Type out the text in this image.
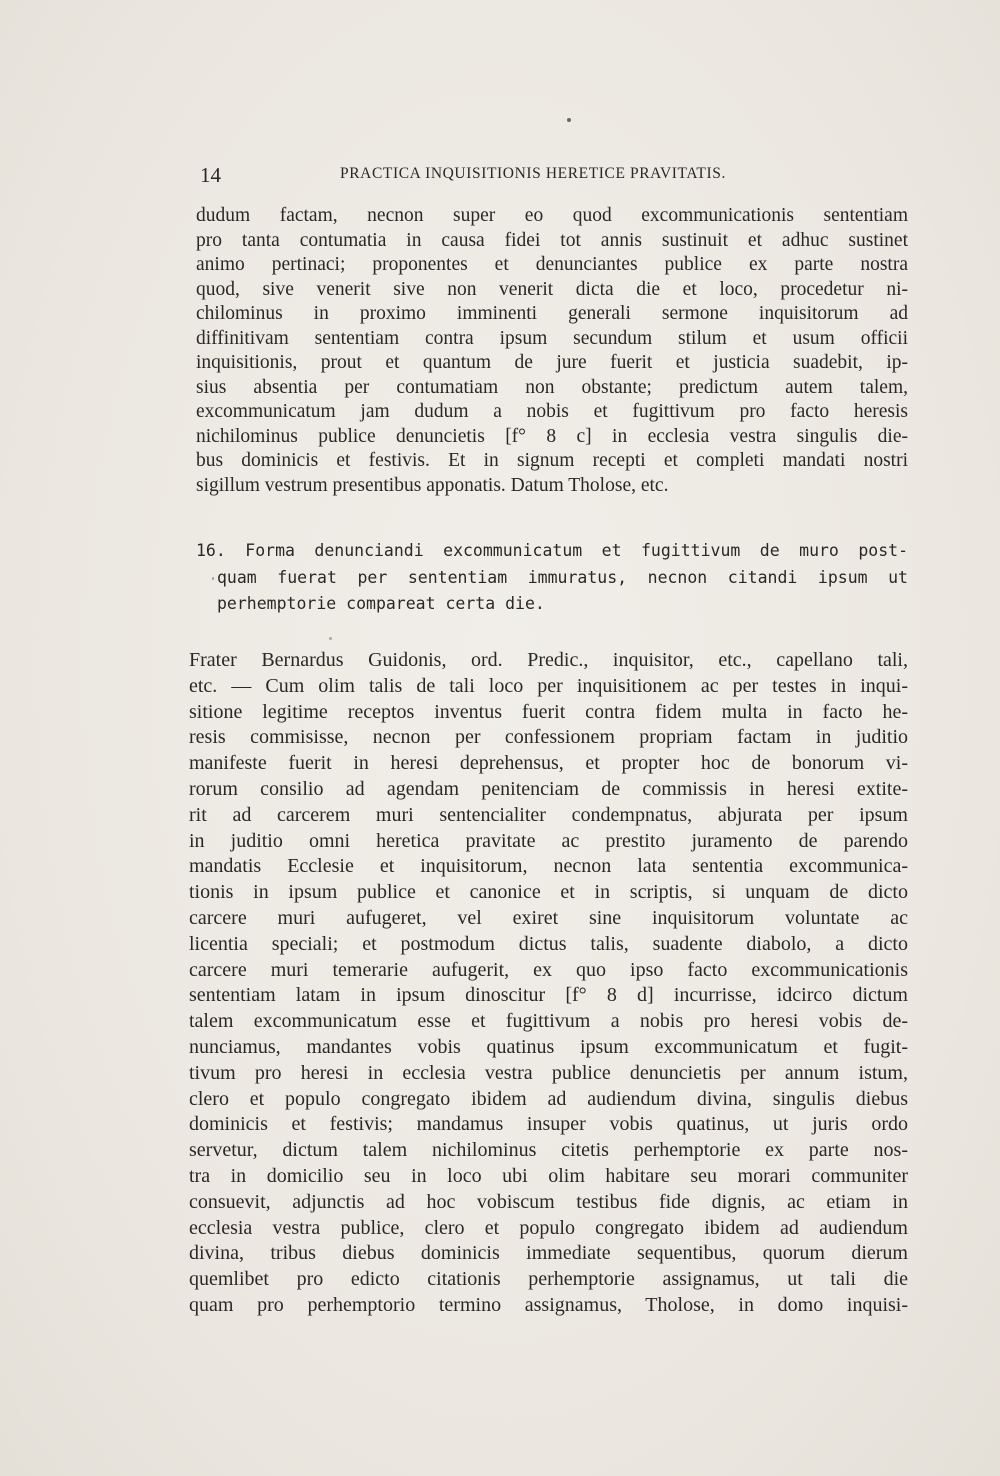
14	PRACTICA INQUISITIONIS HERETICE PRAVITATIS.
dudum factam, necnon super eo quod excommunicationis sententiam
pro tanta contumatia in causa fidei tot annis sustinuit et adhuc sustinet
animo pertinaci; proponentes et denunciantes publice ex parte nostra
quod, sive venerit sive non venerit dicta die et loco, procedetur ni-
chilominus in proximo imminenti generali sermone inquisitorum ad
diffinitivam sententiam contra ipsum secundum stilum et usum officii
inquisitionis, prout et quantum de jure fuerit et justicia suadebit, ip-
sius absentia per contumatiam non obstante; predictum autem talem,
excommunicatum jam dudum a nobis et fugittivum pro facto heresis
nichilominus publice denuncietis [f° 8 c] in ecclesia vestra singulis die-
bus dominicis et festivis. Et in signum recepti et completi mandati nostri
sigillum vestrum presentibus apponatis. Datum Tholose, etc.
16. Forma denunciandi excommunicatum et fugittivum de muro post-
quam fuerat per sententiam immuratus, necnon citandi ipsum ut
perhemptorie compareat certa die.
Frater Bernardus Guidonis, ord. Predic., inquisitor, etc., capellano tali,
etc. — Cum olim talis de tali loco per inquisitionem ac per testes in inqui-
sitione legitime receptos inventus fuerit contra fidem multa in facto he-
resis commisisse, necnon per confessionem propriam factam in juditio
manifeste fuerit in heresi deprehensus, et propter hoc de bonorum vi-
rorum consilio ad agendam penitenciam de commissis in heresi extite-
rit ad carcerem muri sentencialiter condempnatus, abjurata per ipsum
in juditio omni heretica pravitate ac prestito juramento de parendo
mandatis Ecclesie et inquisitorum, necnon lata sententia excommunica-
tionis in ipsum publice et canonice et in scriptis, si unquam de dicto
carcere muri aufugeret, vel exiret sine inquisitorum voluntate ac
licentia speciali; et postmodum dictus talis, suadente diabolo, a dicto
carcere muri temerarie aufugerit, ex quo ipso facto excommunicationis
sententiam latam in ipsum dinoscitur [f° 8 d] incurrisse, idcirco dictum
talem excommunicatum esse et fugittivum a nobis pro heresi vobis de-
nunciamus, mandantes vobis quatinus ipsum excommunicatum et fugit-
tivum pro heresi in ecclesia vestra publice denuncietis per annum istum,
clero et populo congregato ibidem ad audiendum divina, singulis diebus
dominicis et festivis; mandamus insuper vobis quatinus, ut juris ordo
servetur, dictum talem nichilominus citetis perhemptorie ex parte nos-
tra in domicilio seu in loco ubi olim habitare seu morari communiter
consuevit, adjunctis ad hoc vobiscum testibus fide dignis, ac etiam in
ecclesia vestra publice, clero et populo congregato ibidem ad audiendum
divina, tribus diebus dominicis immediate sequentibus, quorum dierum
quemlibet pro edicto citationis perhemptorie assignamus, ut tali die
quam pro perhemptorio termino assignamus, Tholose, in domo inquisi-
